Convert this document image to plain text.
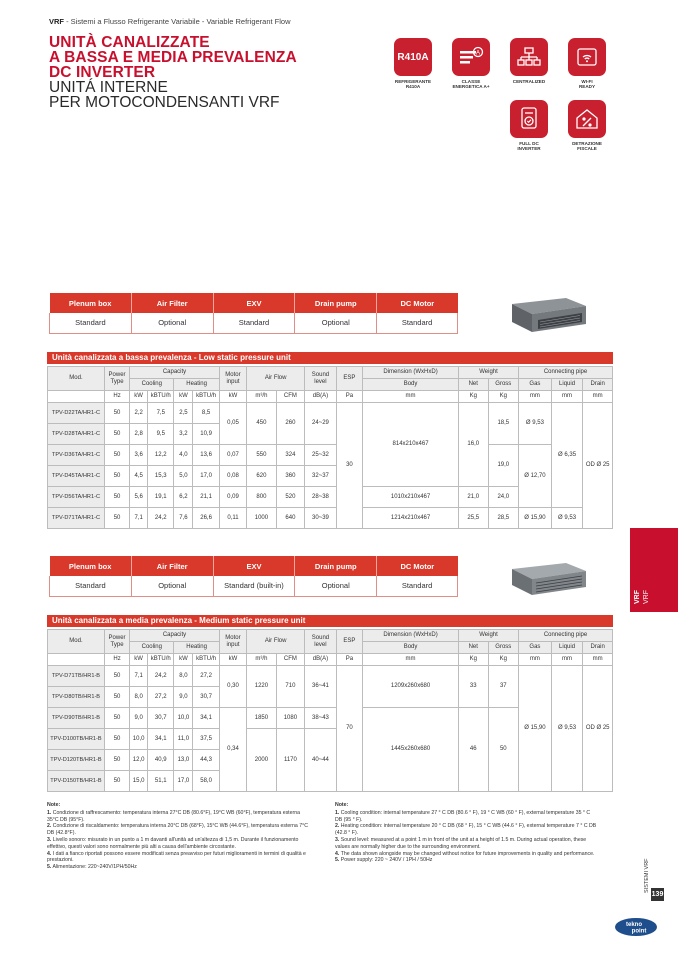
VRF - Sistemi a Flusso Refrigerante Variabile - Variable Refrigerant Flow
UNITÀ CANALIZZATE
A BASSA E MEDIA PREVALENZA
DC INVERTER
UNITÁ INTERNE
PER MOTOCONDENSANTI VRF
R410A
REFRIGERANTE
R410A
A
CLASSE
ENERGETICA A+
CENTRALIZED	WI-FI
READY
FULL DC
INVERTER
DETRAZIONE
FISCALE
Plenum box	Air Filter	EXV	Drain pump	DC Motor
Standard	Optional	Standard	Optional	Standard
Unità canalizzata a bassa prevalenza - Low static pressure unit
Mod.	Power Type	Capacity				Motor input	Air Flow		Sound level	ESP	Dimension (WxHxD)	Weight		Connecting pipe		
		Cooling		Heating							Body	Net	Gross	Gas	Liquid	Drain
	Hz	kW	kBTU/h	kW	kBTU/h	kW	m³/h	CFM	dB(A)	Pa	mm	Kg	Kg	mm	mm	mm
TPV-D22TA/HR1-C	50	2,2	7,5	2,5	8,5	0,05	450	260	24~29	30	814x210x467	16,0	18,5	Ø 9,53	Ø 6,35	OD Ø 25
TPV-D28TA/HR1-C	50	2,8	9,5	3,2	10,9											
TPV-D36TA/HR1-C	50	3,6	12,2	4,0	13,6	0,07	550	324	25~32				19,0	Ø 12,70		
TPV-D45TA/HR1-C	50	4,5	15,3	5,0	17,0	0,08	620	360	32~37							
TPV-D56TA/HR1-C	50	5,6	19,1	6,2	21,1	0,09	800	520	28~38		1010x210x467	21,0	24,0			
TPV-D71TA/HR1-C	50	7,1	24,2	7,6	26,6	0,11	1000	640	30~39		1214x210x467	25,5	28,5	Ø 15,90	Ø 9,53	
Plenum box	Air Filter	EXV	Drain pump	DC Motor
Standard	Optional	Standard (built-in)	Optional	Standard
Unità canalizzata a media prevalenza - Medium static pressure unit
Mod.	Power Type	Capacity				Motor input	Air Flow		Sound level	ESP	Dimension (WxHxD)	Weight		Connecting pipe		
		Cooling		Heating							Body	Net	Gross	Gas	Liquid	Drain
	Hz	kW	kBTU/h	kW	kBTU/h	kW	m³/h	CFM	dB(A)	Pa	mm	Kg	Kg	mm	mm	mm
TPV-D71TB/HR1-B	50	7,1	24,2	8,0	27,2	0,30	1220	710	36~41	70	1209x260x680	33	37	Ø 15,90	Ø 9,53	OD Ø 25
TPV-D80TB/HR1-B	50	8,0	27,2	9,0	30,7											
TPV-D90TB/HR1-B	50	9,0	30,7	10,0	34,1	0,34	1850	1080	38~43		1445x260x680	46	50			
TPV-D100TB/HR1-B	50	10,0	34,1	11,0	37,5		2000	1170	40~44							
TPV-D120TB/HR1-B	50	12,0	40,9	13,0	44,3											
TPV-D150TB/HR1-B	50	15,0	51,1	17,0	58,0											
Note:
1. Condizione di raffrescamento: temperatura interna 27°C DB (80.6°F), 19°C WB (60°F), temperatura esterna 35°C DB (95°F).
2. Condizione di riscaldamento: temperatura interna 20°C DB (68°F), 15°C WB (44.6°F), temperatura esterna 7°C DB (42.8°F).
3. Livello sonoro: misurato in un punto a 1 m davanti all'unità ad un'altezza di 1,5 m. Durante il funzionamento effettivo, questi valori sono normalmente più alti a causa dell'ambiente circostante.
4. I dati a fianco riportati possono essere modificati senza preavviso per futuri miglioramenti in termini di qualità e prestazioni.
5. Alimentazione: 220~240V/1PH/50Hz
Note:
1. Cooling condition: internal temperature 27 ° C DB (80.6 ° F), 19 ° C WB (60 ° F), external temperature 35 ° C DB (95 ° F).
2. Heating condition: internal temperature 20 ° C DB (68 ° F), 15 ° C WB (44.6 ° F), external temperature 7 ° C DB (42.8 ° F).
3. Sound level: measured at a point 1 m in front of the unit at a height of 1.5 m. During actual operation, these values are normally higher due to the surrounding environment.
4. The data shown alongside may be changed without notice for future improvements in quality and performance.
5. Power supply: 220 ~ 240V / 1PH / 50Hz
VRF VRF
SISTEMI VRF
139
tekno
point
